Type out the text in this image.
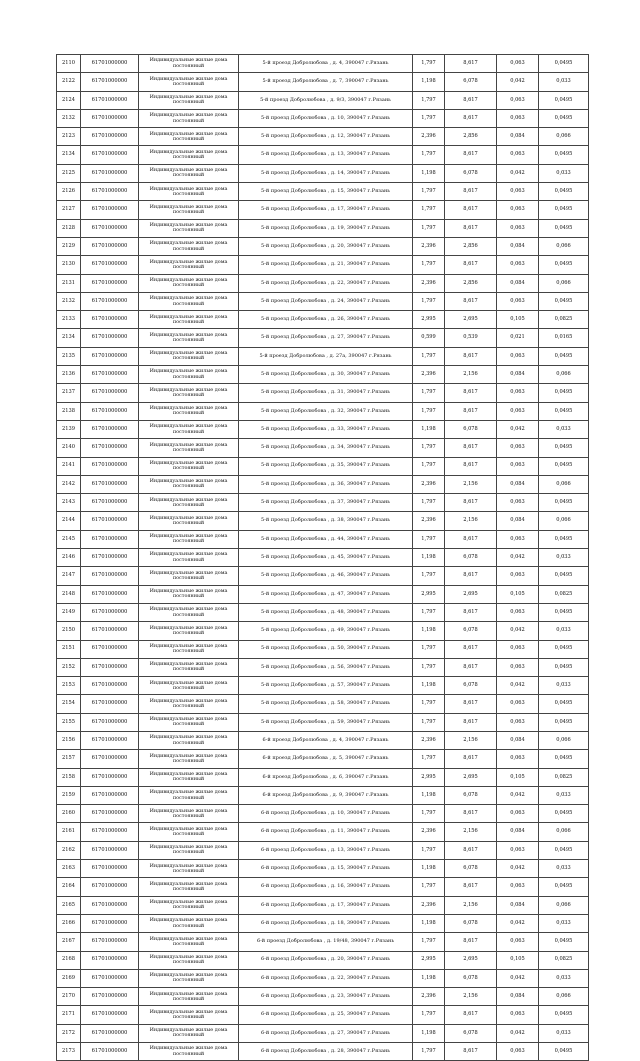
2110	61701000000	Индивидуальные жилые дома постоянный	5-й проезд Добролюбова , д. 4, 390047 г.Рязань	1,797	8,617	0,063	0,0495
2122	61701000000	Индивидуальные жилые дома постоянный	5-й проезд Добролюбова , д. 7, 390047 г.Рязань	1,198	6,078	0,042	0,033
2124	61701000000	Индивидуальные жилые дома постоянный	5-й проезд Добролюбова , д. 9/3, 390047 г.Рязань	1,797	8,617	0,063	0,0495
2132	61701000000	Индивидуальные жилые дома постоянный	5-й проезд Добролюбова , д. 10, 390047 г.Рязань	1,797	8,617	0,063	0,0495
2123	61701000000	Индивидуальные жилые дома постоянный	5-й проезд Добролюбова , д. 12, 390047 г.Рязань	2,396	2,856	0,084	0,066
2134	61701000000	Индивидуальные жилые дома постоянный	5-й проезд Добролюбова , д. 13, 390047 г.Рязань	1,797	8,617	0,063	0,0495
2125	61701000000	Индивидуальные жилые дома постоянный	5-й проезд Добролюбова , д. 14, 390047 г.Рязань	1,198	6,078	0,042	0,033
2126	61701000000	Индивидуальные жилые дома постоянный	5-й проезд Добролюбова , д. 15, 390047 г.Рязань	1,797	8,617	0,063	0,0495
2127	61701000000	Индивидуальные жилые дома постоянный	5-й проезд Добролюбова , д. 17, 390047 г.Рязань	1,797	8,617	0,063	0,0495
2128	61701000000	Индивидуальные жилые дома постоянный	5-й проезд Добролюбова , д. 19, 390047 г.Рязань	1,797	8,617	0,063	0,0495
2129	61701000000	Индивидуальные жилые дома постоянный	5-й проезд Добролюбова , д. 20, 390047 г.Рязань	2,396	2,856	0,084	0,066
2130	61701000000	Индивидуальные жилые дома постоянный	5-й проезд Добролюбова , д. 21, 390047 г.Рязань	1,797	8,617	0,063	0,0495
2131	61701000000	Индивидуальные жилые дома постоянный	5-й проезд Добролюбова , д. 22, 390047 г.Рязань	2,396	2,856	0,084	0,066
2132	61701000000	Индивидуальные жилые дома постоянный	5-й проезд Добролюбова , д. 24, 390047 г.Рязань	1,797	8,617	0,063	0,0495
2133	61701000000	Индивидуальные жилые дома постоянный	5-й проезд Добролюбова , д. 26, 390047 г.Рязань	2,995	2,695	0,105	0,0825
2134	61701000000	Индивидуальные жилые дома постоянный	5-й проезд Добролюбова , д. 27, 390047 г.Рязань	0,599	0,539	0,021	0,0165
2135	61701000000	Индивидуальные жилые дома постоянный	5-й проезд Добролюбова , д. 27а, 390047 г.Рязань	1,797	8,617	0,063	0,0495
2136	61701000000	Индивидуальные жилые дома постоянный	5-й проезд Добролюбова , д. 30, 390047 г.Рязань	2,396	2,156	0,084	0,066
2137	61701000000	Индивидуальные жилые дома постоянный	5-й проезд Добролюбова , д. 31, 390047 г.Рязань	1,797	8,617	0,063	0,0495
2138	61701000000	Индивидуальные жилые дома постоянный	5-й проезд Добролюбова , д. 32, 390047 г.Рязань	1,797	8,617	0,063	0,0495
2139	61701000000	Индивидуальные жилые дома постоянный	5-й проезд Добролюбова , д. 33, 390047 г.Рязань	1,198	6,078	0,042	0,033
2140	61701000000	Индивидуальные жилые дома постоянный	5-й проезд Добролюбова , д. 34, 390047 г.Рязань	1,797	8,617	0,063	0,0495
2141	61701000000	Индивидуальные жилые дома постоянный	5-й проезд Добролюбова , д. 35, 390047 г.Рязань	1,797	8,617	0,063	0,0495
2142	61701000000	Индивидуальные жилые дома постоянный	5-й проезд Добролюбова , д. 36, 390047 г.Рязань	2,396	2,156	0,084	0,066
2143	61701000000	Индивидуальные жилые дома постоянный	5-й проезд Добролюбова , д. 37, 390047 г.Рязань	1,797	8,617	0,063	0,0495
2144	61701000000	Индивидуальные жилые дома постоянный	5-й проезд Добролюбова , д. 38, 390047 г.Рязань	2,396	2,156	0,084	0,066
2145	61701000000	Индивидуальные жилые дома постоянный	5-й проезд Добролюбова , д. 44, 390047 г.Рязань	1,797	8,617	0,063	0,0495
2146	61701000000	Индивидуальные жилые дома постоянный	5-й проезд Добролюбова , д. 45, 390047 г.Рязань	1,198	6,078	0,042	0,033
2147	61701000000	Индивидуальные жилые дома постоянный	5-й проезд Добролюбова , д. 46, 390047 г.Рязань	1,797	8,617	0,063	0,0495
2148	61701000000	Индивидуальные жилые дома постоянный	5-й проезд Добролюбова , д. 47, 390047 г.Рязань	2,995	2,695	0,105	0,0825
2149	61701000000	Индивидуальные жилые дома постоянный	5-й проезд Добролюбова , д. 48, 390047 г.Рязань	1,797	8,617	0,063	0,0495
2150	61701000000	Индивидуальные жилые дома постоянный	5-й проезд Добролюбова , д. 49, 390047 г.Рязань	1,198	6,078	0,042	0,033
2151	61701000000	Индивидуальные жилые дома постоянный	5-й проезд Добролюбова , д. 50, 390047 г.Рязань	1,797	8,617	0,063	0,0495
2152	61701000000	Индивидуальные жилые дома постоянный	5-й проезд Добролюбова , д. 56, 390047 г.Рязань	1,797	8,617	0,063	0,0495
2153	61701000000	Индивидуальные жилые дома постоянный	5-й проезд Добролюбова , д. 57, 390047 г.Рязань	1,198	6,078	0,042	0,033
2154	61701000000	Индивидуальные жилые дома постоянный	5-й проезд Добролюбова , д. 58, 390047 г.Рязань	1,797	8,617	0,063	0,0495
2155	61701000000	Индивидуальные жилые дома постоянный	5-й проезд Добролюбова , д. 59, 390047 г.Рязань	1,797	8,617	0,063	0,0495
2156	61701000000	Индивидуальные жилые дома постоянный	6-й проезд Добролюбова , д. 4, 390047 г.Рязань	2,396	2,156	0,084	0,066
2157	61701000000	Индивидуальные жилые дома постоянный	6-й проезд Добролюбова , д. 5, 390047 г.Рязань	1,797	8,617	0,063	0,0495
2158	61701000000	Индивидуальные жилые дома постоянный	6-й проезд Добролюбова , д. 6, 390047 г.Рязань	2,995	2,695	0,105	0,0825
2159	61701000000	Индивидуальные жилые дома постоянный	6-й проезд Добролюбова , д. 9, 390047 г.Рязань	1,198	6,078	0,042	0,033
2160	61701000000	Индивидуальные жилые дома постоянный	6-й проезд Добролюбова , д. 10, 390047 г.Рязань	1,797	8,617	0,063	0,0495
2161	61701000000	Индивидуальные жилые дома постоянный	6-й проезд Добролюбова , д. 11, 390047 г.Рязань	2,396	2,156	0,084	0,066
2162	61701000000	Индивидуальные жилые дома постоянный	6-й проезд Добролюбова , д. 13, 390047 г.Рязань	1,797	8,617	0,063	0,0495
2163	61701000000	Индивидуальные жилые дома постоянный	6-й проезд Добролюбова , д. 15, 390047 г.Рязань	1,198	6,078	0,042	0,033
2164	61701000000	Индивидуальные жилые дома постоянный	6-й проезд Добролюбова , д. 16, 390047 г.Рязань	1,797	8,617	0,063	0,0495
2165	61701000000	Индивидуальные жилые дома постоянный	6-й проезд Добролюбова , д. 17, 390047 г.Рязань	2,396	2,156	0,084	0,066
2166	61701000000	Индивидуальные жилые дома постоянный	6-й проезд Добролюбова , д. 18, 390047 г.Рязань	1,198	6,078	0,042	0,033
2167	61701000000	Индивидуальные жилые дома постоянный	6-й проезд Добролюбова , д. 19/48, 390047 г.Рязань	1,797	8,617	0,063	0,0495
2168	61701000000	Индивидуальные жилые дома постоянный	6-й проезд Добролюбова , д. 20, 390047 г.Рязань	2,995	2,695	0,105	0,0825
2169	61701000000	Индивидуальные жилые дома постоянный	6-й проезд Добролюбова , д. 22, 390047 г.Рязань	1,198	6,078	0,042	0,033
2170	61701000000	Индивидуальные жилые дома постоянный	6-й проезд Добролюбова , д. 23, 390047 г.Рязань	2,396	2,156	0,084	0,066
2171	61701000000	Индивидуальные жилые дома постоянный	6-й проезд Добролюбова , д. 25, 390047 г.Рязань	1,797	8,617	0,063	0,0495
2172	61701000000	Индивидуальные жилые дома постоянный	6-й проезд Добролюбова , д. 27, 390047 г.Рязань	1,198	6,078	0,042	0,033
2173	61701000000	Индивидуальные жилые дома постоянный	6-й проезд Добролюбова , д. 28, 390047 г.Рязань	1,797	8,617	0,063	0,0495
